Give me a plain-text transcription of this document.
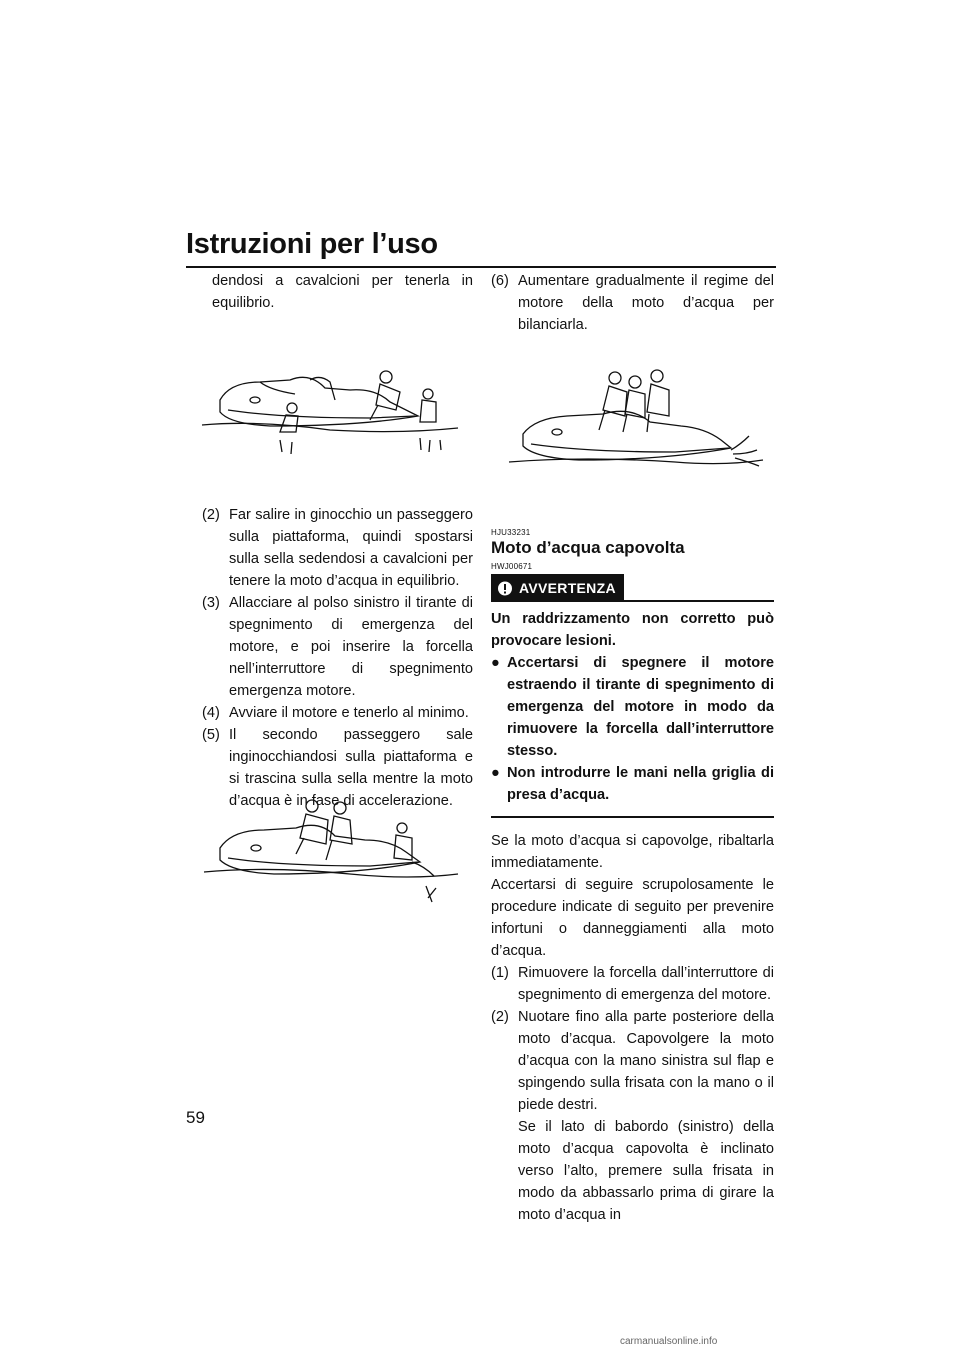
Istruzioni per l’uso

dendosi a cavalcioni per tenerla in equilibrio.

(2) Far salire in ginocchio un passeggero sulla piattaforma, quindi spostarsi sulla sella sedendosi a cavalcioni per tenere la moto d’acqua in equilibrio.
(3) Allacciare al polso sinistro il tirante di spegnimento di emergenza del motore, e poi inserire la forcella nell’interruttore di spegnimento emergenza motore.
(4) Avviare il motore e tenerlo al minimo.
(5) Il secondo passeggero sale inginocchiandosi sulla piattaforma e si trascina sulla sella mentre la moto d’acqua è in fase di accelerazione.
(6) Aumentare gradualmente il regime del motore della moto d’acqua per bilanciarla.
HJU33231
Moto d’acqua capovolta
HWJ00671
AVVERTENZA

Un raddrizzamento non corretto può provocare lesioni.

● Accertarsi di spegnere il motore estraendo il tirante di spegnimento di emergenza del motore in modo da rimuovere la forcella dall’interruttore stesso.
● Non introdurre le mani nella griglia di presa d’acqua.

Se la moto d’acqua si capovolge, ribaltarla immediatamente.

Accertarsi di seguire scrupolosamente le procedure indicate di seguito per prevenire infortuni o danneggiamenti alla moto d’acqua.

(1) Rimuovere la forcella dall’interruttore di spegnimento di emergenza del motore.
(2) Nuotare fino alla parte posteriore della moto d’acqua. Capovolgere la moto d’acqua con la mano sinistra sul flap e spingendo sulla frisata con la mano o il piede destri.
Se il lato di babordo (sinistro) della moto d’acqua capovolta è inclinato verso l’alto, premere sulla frisata in modo da abbassarlo prima di girare la moto d’acqua in
59
carmanualsonline.info
